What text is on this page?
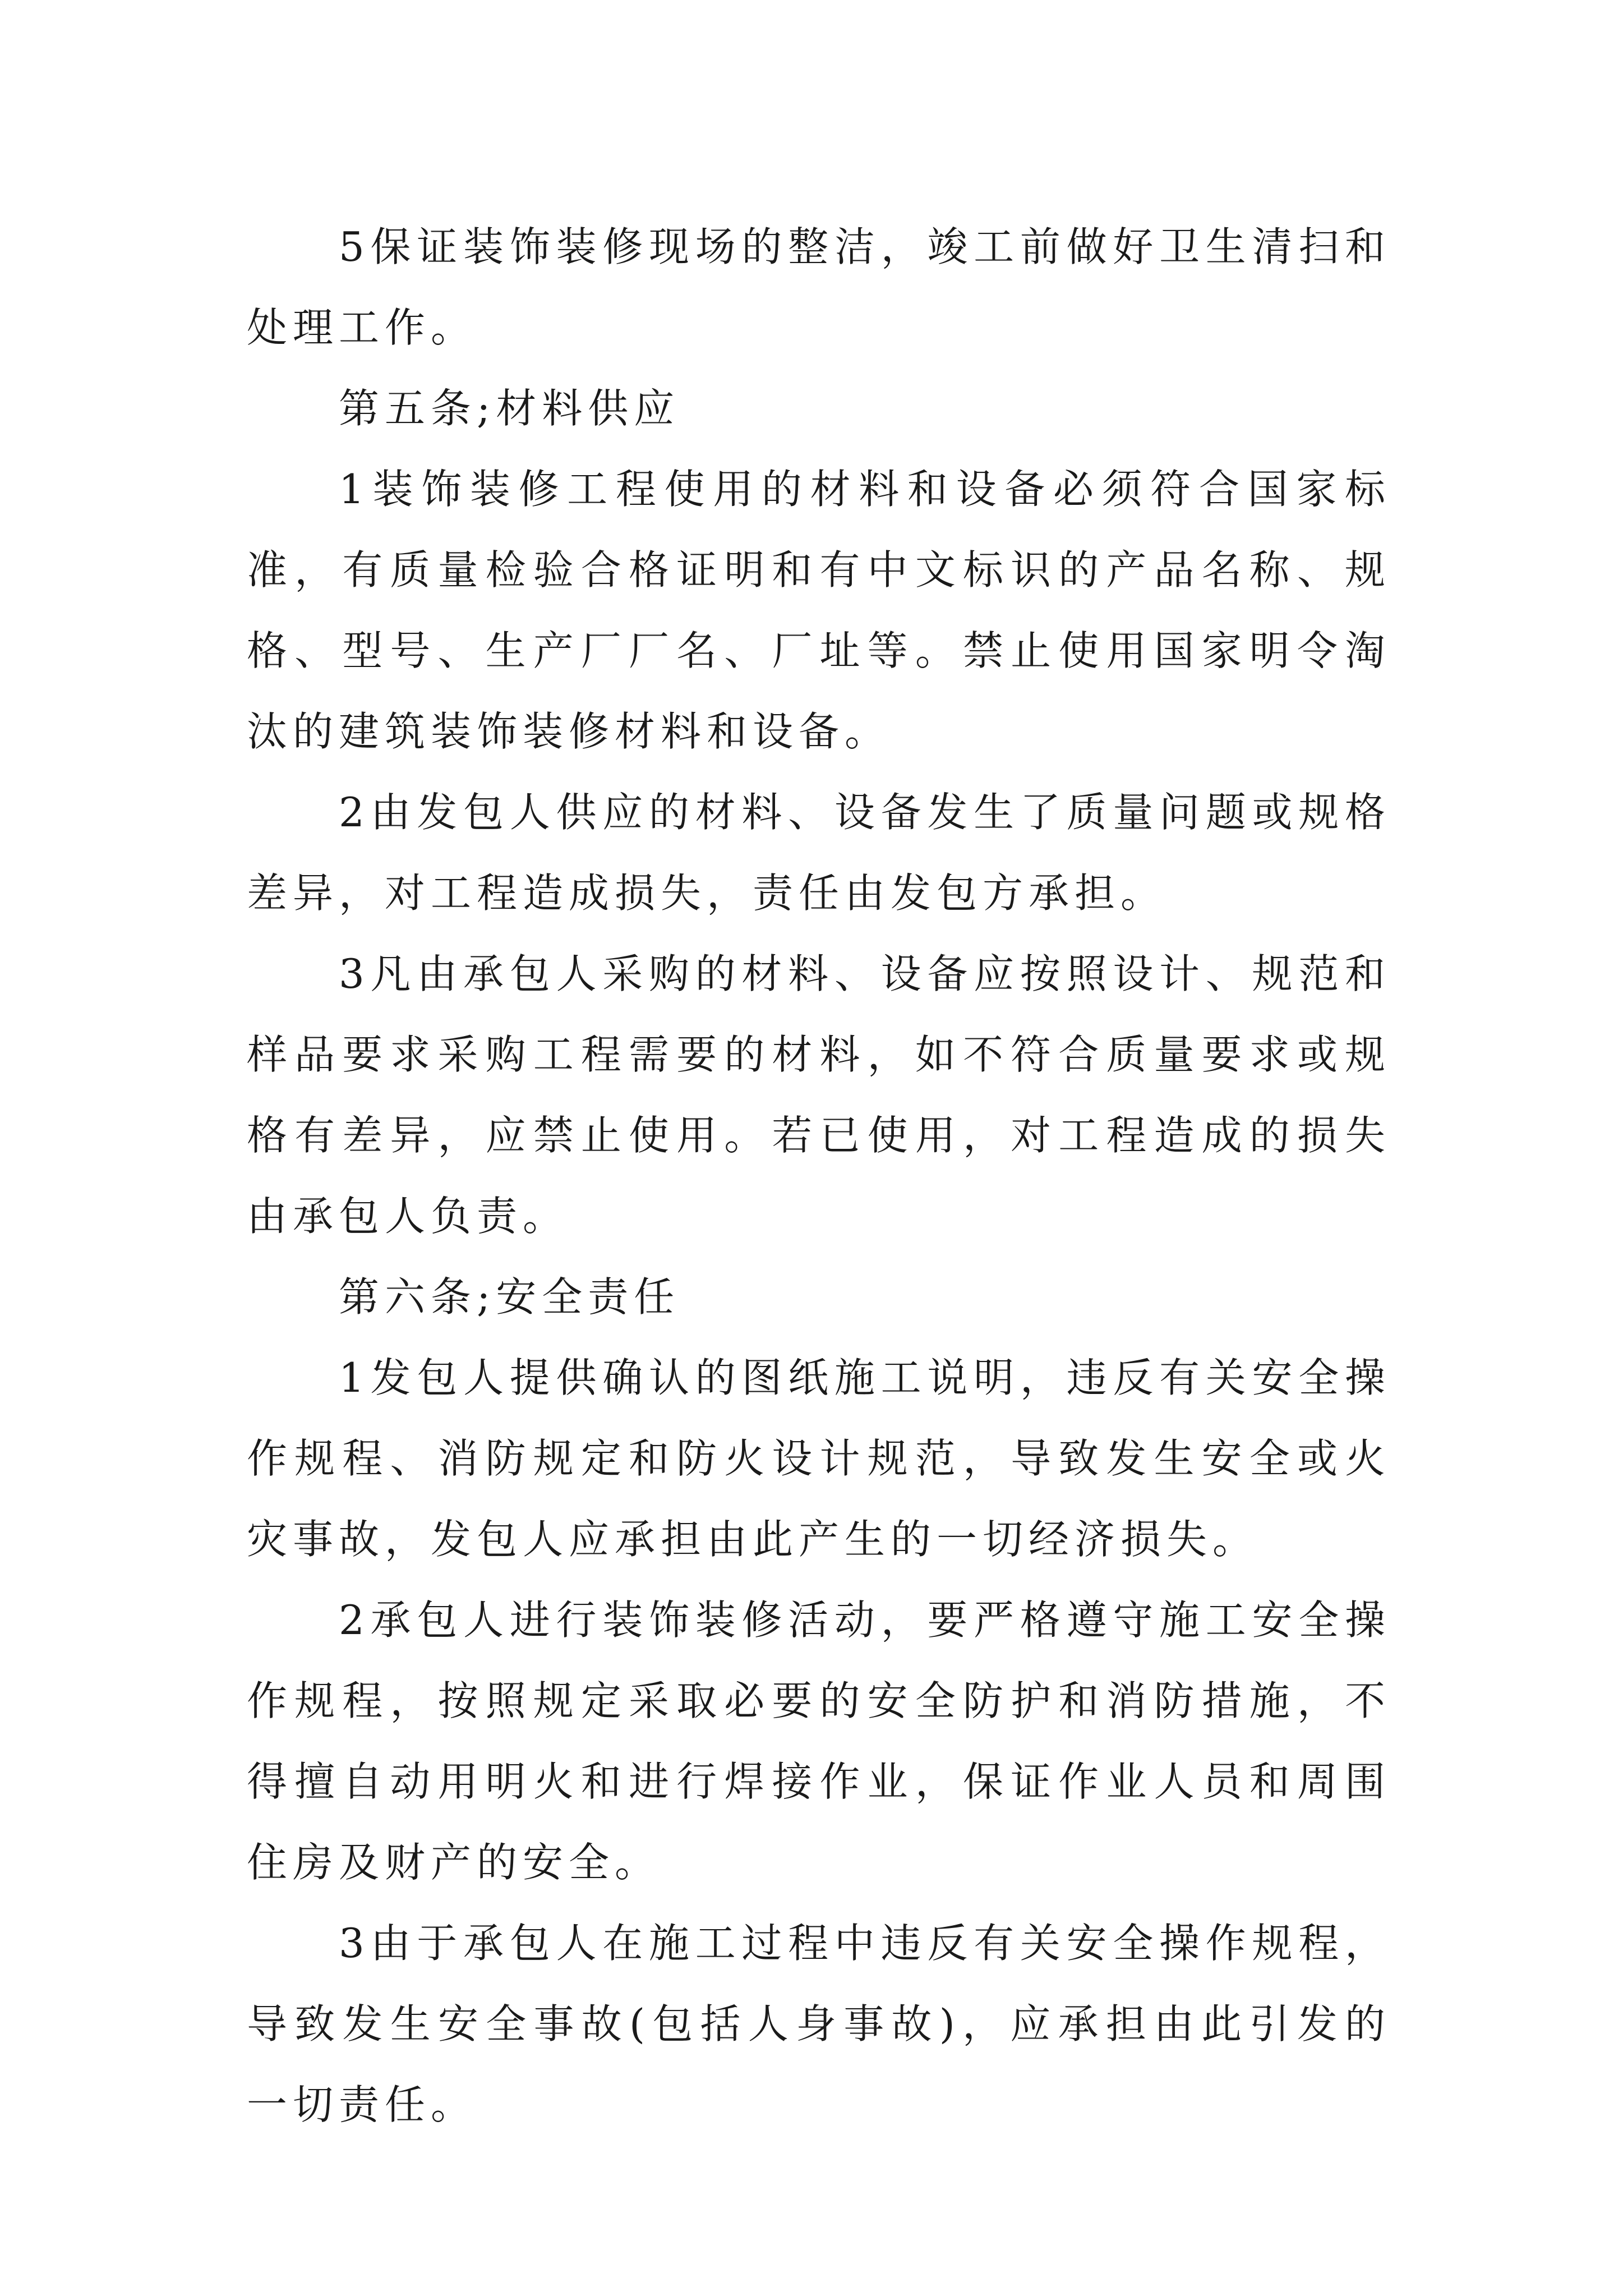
5保证装饰装修现场的整洁，竣工前做好卫生清扫和处理工作。

第五条;材料供应

1装饰装修工程使用的材料和设备必须符合国家标准，有质量检验合格证明和有中文标识的产品名称、规格、型号、生产厂厂名、厂址等。禁止使用国家明令淘汰的建筑装饰装修材料和设备。

2由发包人供应的材料、设备发生了质量问题或规格差异，对工程造成损失，责任由发包方承担。

3凡由承包人采购的材料、设备应按照设计、规范和样品要求采购工程需要的材料，如不符合质量要求或规格有差异，应禁止使用。若已使用，对工程造成的损失由承包人负责。

第六条;安全责任

1发包人提供确认的图纸施工说明，违反有关安全操作规程、消防规定和防火设计规范，导致发生安全或火灾事故，发包人应承担由此产生的一切经济损失。

2承包人进行装饰装修活动，要严格遵守施工安全操作规程，按照规定采取必要的安全防护和消防措施，不得擅自动用明火和进行焊接作业，保证作业人员和周围住房及财产的安全。

3由于承包人在施工过程中违反有关安全操作规程，导致发生安全事故(包括人身事故)，应承担由此引发的一切责任。
